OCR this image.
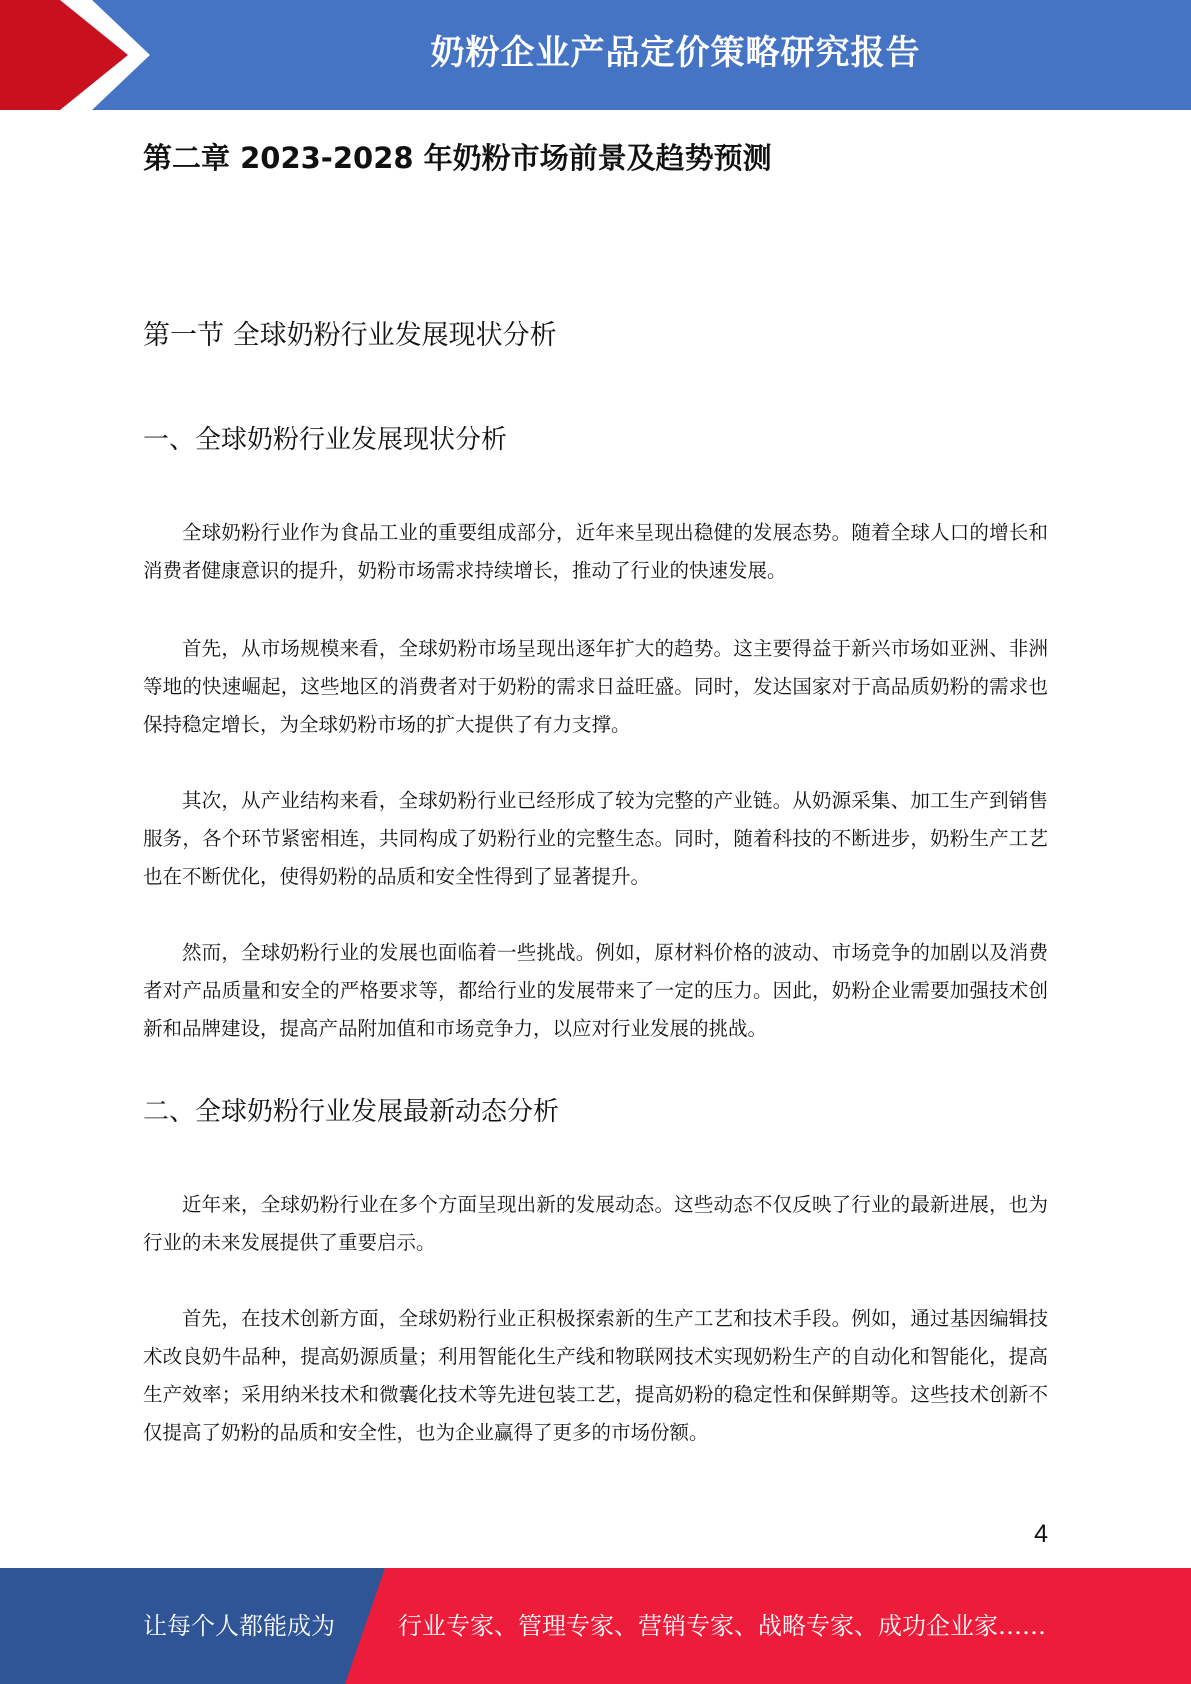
奶粉企业产品定价策略研究报告
第二章 2023-2028 年奶粉市场前景及趋势预测
第一节 全球奶粉行业发展现状分析
一、全球奶粉行业发展现状分析

全球奶粉行业作为食品工业的重要组成部分，近年来呈现出稳健的发展态势。随着全球人口的增长和消费者健康意识的提升，奶粉市场需求持续增长，推动了行业的快速发展。

首先，从市场规模来看，全球奶粉市场呈现出逐年扩大的趋势。这主要得益于新兴市场如亚洲、非洲等地的快速崛起，这些地区的消费者对于奶粉的需求日益旺盛。同时，发达国家对于高品质奶粉的需求也保持稳定增长，为全球奶粉市场的扩大提供了有力支撑。

其次，从产业结构来看，全球奶粉行业已经形成了较为完整的产业链。从奶源采集、加工生产到销售服务，各个环节紧密相连，共同构成了奶粉行业的完整生态。同时，随着科技的不断进步，奶粉生产工艺也在不断优化，使得奶粉的品质和安全性得到了显著提升。

然而，全球奶粉行业的发展也面临着一些挑战。例如，原材料价格的波动、市场竞争的加剧以及消费者对产品质量和安全的严格要求等，都给行业的发展带来了一定的压力。因此，奶粉企业需要加强技术创新和品牌建设，提高产品附加值和市场竞争力，以应对行业发展的挑战。

二、全球奶粉行业发展最新动态分析

近年来，全球奶粉行业在多个方面呈现出新的发展动态。这些动态不仅反映了行业的最新进展，也为行业的未来发展提供了重要启示。

首先，在技术创新方面，全球奶粉行业正积极探索新的生产工艺和技术手段。例如，通过基因编辑技术改良奶牛品种，提高奶源质量；利用智能化生产线和物联网技术实现奶粉生产的自动化和智能化，提高生产效率；采用纳米技术和微囊化技术等先进包装工艺，提高奶粉的稳定性和保鲜期等。这些技术创新不仅提高了奶粉的品质和安全性，也为企业赢得了更多的市场份额。

4
让每个人都能成为	行业专家、管理专家、营销专家、战略专家、成功企业家……
